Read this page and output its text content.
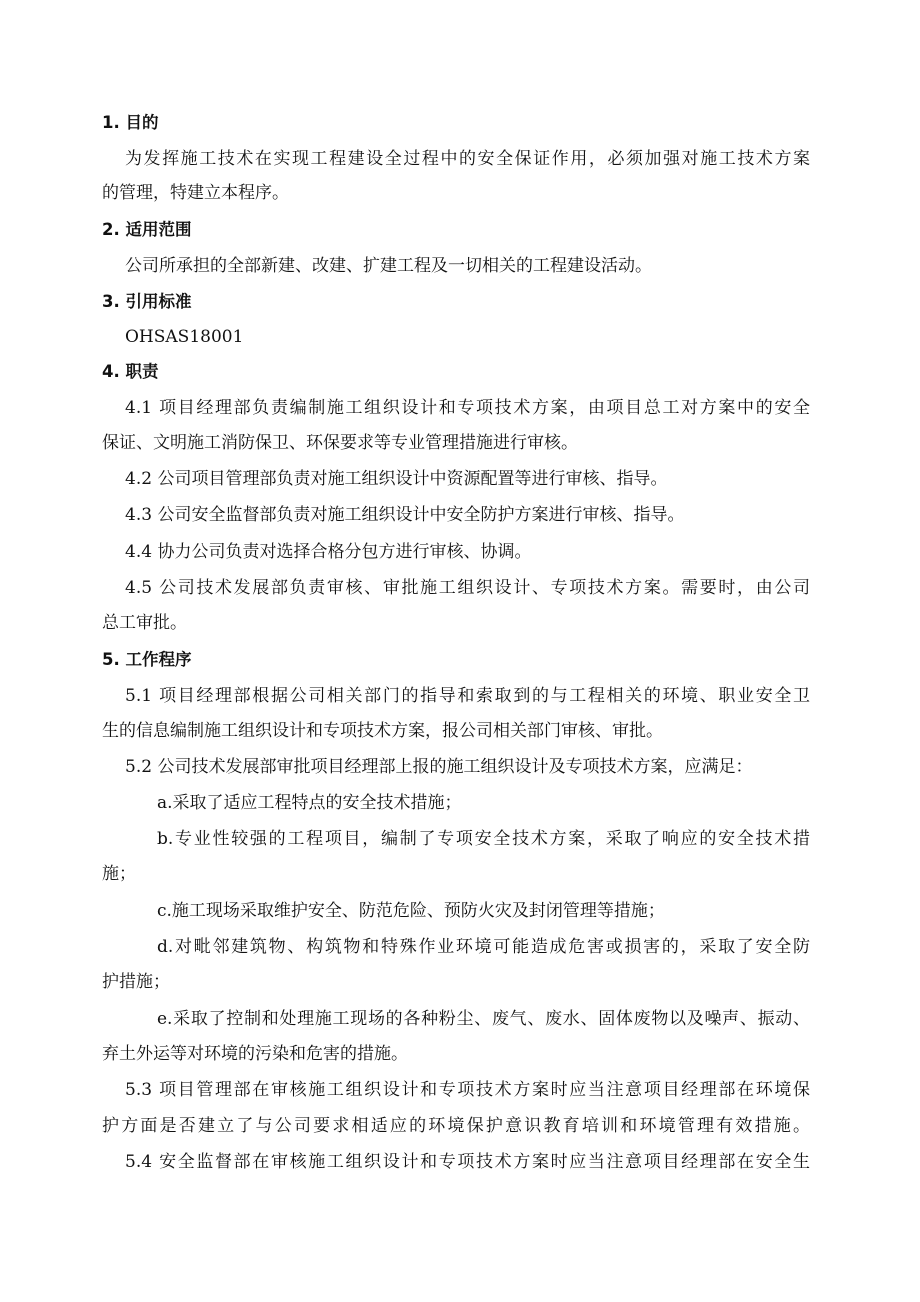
1. 目的
为发挥施工技术在实现工程建设全过程中的安全保证作用，必须加强对施工技术方案
的管理，特建立本程序。
2. 适用范围
公司所承担的全部新建、改建、扩建工程及一切相关的工程建设活动。
3. 引用标准
OHSAS18001
4. 职责
4.1 项目经理部负责编制施工组织设计和专项技术方案，由项目总工对方案中的安全
保证、文明施工消防保卫、环保要求等专业管理措施进行审核。
4.2 公司项目管理部负责对施工组织设计中资源配置等进行审核、指导。
4.3 公司安全监督部负责对施工组织设计中安全防护方案进行审核、指导。
4.4 协力公司负责对选择合格分包方进行审核、协调。
4.5 公司技术发展部负责审核、审批施工组织设计、专项技术方案。需要时，由公司
总工审批。
5. 工作程序
5.1 项目经理部根据公司相关部门的指导和索取到的与工程相关的环境、职业安全卫
生的信息编制施工组织设计和专项技术方案，报公司相关部门审核、审批。
5.2 公司技术发展部审批项目经理部上报的施工组织设计及专项技术方案，应满足：
a.采取了适应工程特点的安全技术措施；
b.专业性较强的工程项目，编制了专项安全技术方案，采取了响应的安全技术措
施；
c.施工现场采取维护安全、防范危险、预防火灾及封闭管理等措施；
d.对毗邻建筑物、构筑物和特殊作业环境可能造成危害或损害的，采取了安全防
护措施；
e.采取了控制和处理施工现场的各种粉尘、废气、废水、固体废物以及噪声、振动、
弃土外运等对环境的污染和危害的措施。
5.3 项目管理部在审核施工组织设计和专项技术方案时应当注意项目经理部在环境保
护方面是否建立了与公司要求相适应的环境保护意识教育培训和环境管理有效措施。
5.4 安全监督部在审核施工组织设计和专项技术方案时应当注意项目经理部在安全生
